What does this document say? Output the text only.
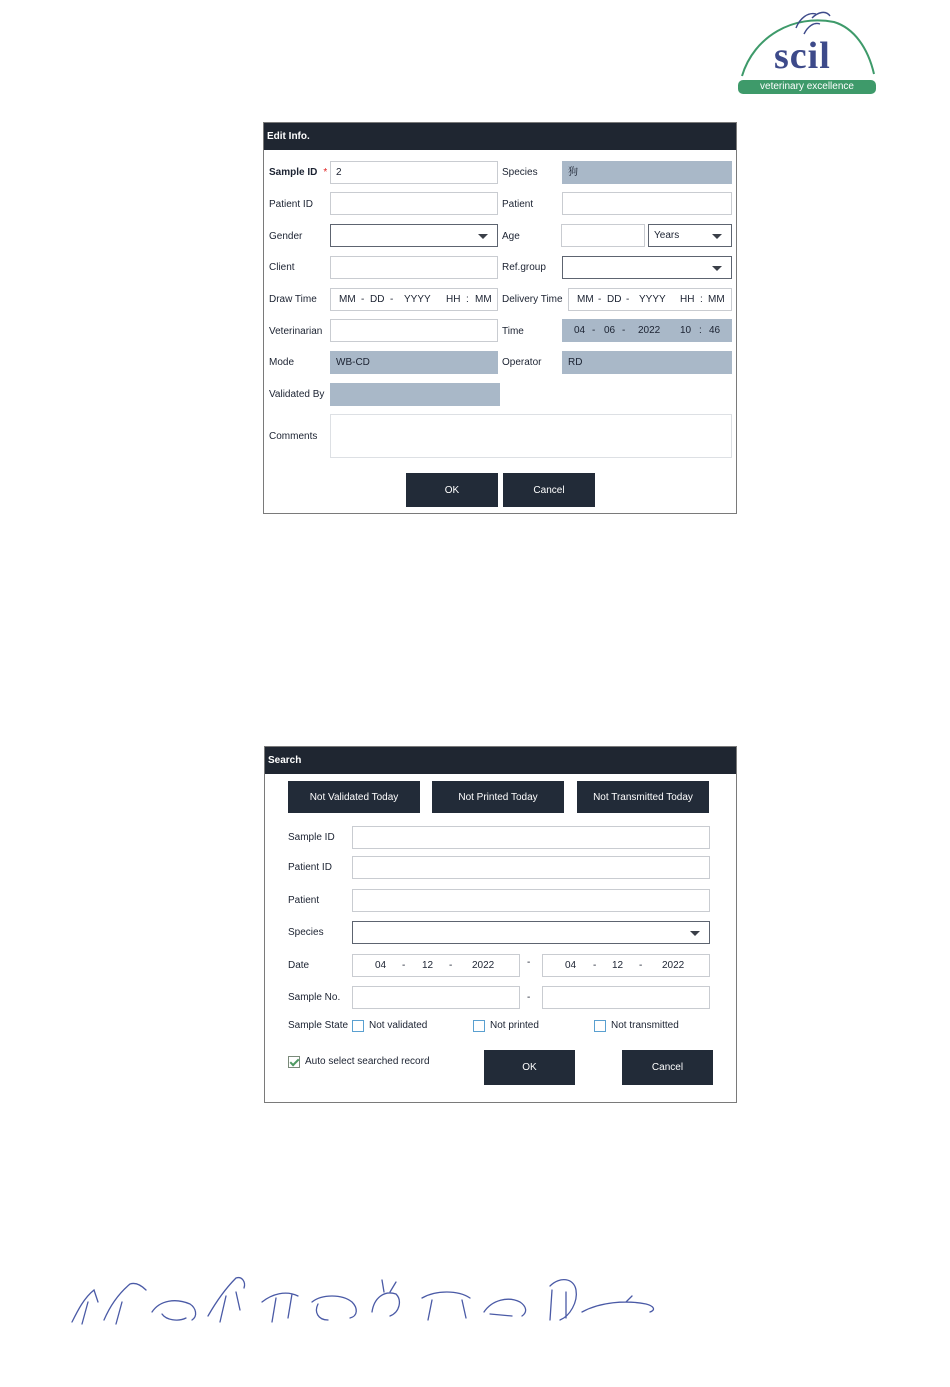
scil
veterinary excellence
Edit Info.
Sample ID * 2	Species	狗
Patient ID	Patient
Gender	Age	Years
Client	Ref.group
Draw Time MM - DD - YYYY HH : MM Delivery Time MM - DD - YYYY HH : MM
Veterinarian	Time	04 - 06 - 2022 10 : 46
Mode	WB-CD	Operator	RD
Validated By
Comments
OK	Cancel
Search
Not Validated Today	Not Printed Today	Not Transmitted Today
Sample ID
Patient ID
Patient
Species
Date	04 - 12 - 2022	-	04 - 12 - 2022
Sample No.	-
Sample State Not validated	Not printed	Not transmitted
Auto select searched record
OK	Cancel
